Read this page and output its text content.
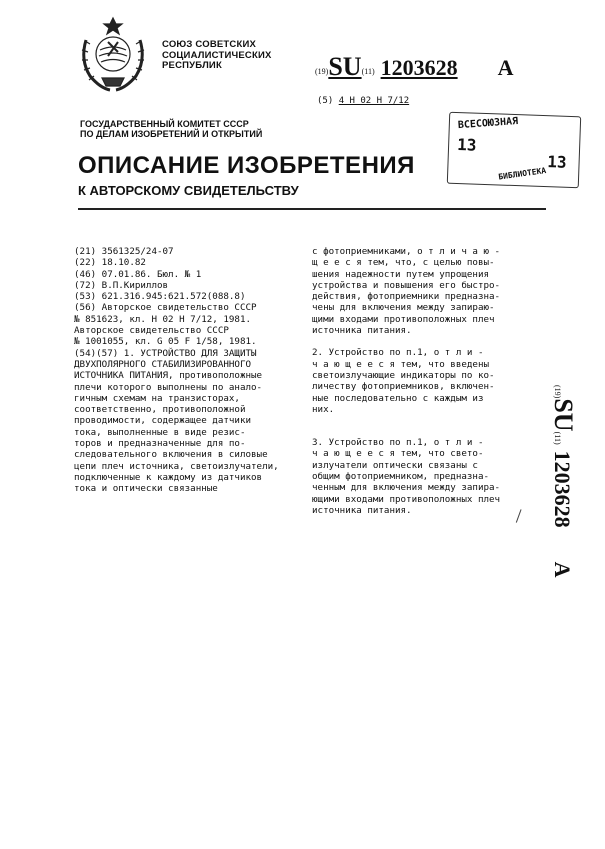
СОЮЗ СОВЕТСКИХ
СОЦИАЛИСТИЧЕСКИХ
РЕСПУБЛИК
(19)SU(11) 1203628 A
(5) 4 Н 02 Н 7/12
ГОСУДАРСТВЕННЫЙ КОМИТЕТ СССР
ПО ДЕЛАМ ИЗОБРЕТЕНИЙ И ОТКРЫТИЙ
ВСЕСОЮЗНАЯ
13
13
БИБЛИОТЕКА
ОПИСАНИЕ ИЗОБРЕТЕНИЯ
К АВТОРСКОМУ СВИДЕТЕЛЬСТВУ
(21) 3561325/24-07
(22) 18.10.82
(46) 07.01.86. Бюл. № 1
(72) В.П.Кириллов
(53) 621.316.945:621.572(088.8)
(56) Авторское свидетельство СССР
№ 851623, кл. Н 02 Н 7/12, 1981.
Авторское свидетельство СССР
№ 1001055, кл. G 05 F 1/58, 1981.
(54)(57) 1. УСТРОЙСТВО ДЛЯ ЗАЩИТЫ
ДВУХПОЛЯРНОГО СТАБИЛИЗИРОВАННОГО
ИСТОЧНИКА ПИТАНИЯ, противоположные
плечи которого выполнены по анало-
гичным схемам на транзисторах,
соответственно, противоположной
проводимости, содержащее датчики
тока, выполненные в виде резис-
торов и предназначенные для по-
следовательного включения в силовые
цепи плеч источника, светоизлучатели,
подключенные к каждому из датчиков
тока и оптически связанные
с фотоприемниками, о т л и ч а ю -
щ е е с я тем, что, с целью повы-
шения надежности путем упрощения
устройства и повышения его быстро-
действия, фотоприемники предназна-
чены для включения между запираю-
щими входами противоположных плеч
источника питания.
2. Устройство по п.1, о т л и -
ч а ю щ е е с я тем, что введены
светоизлучающие индикаторы по ко-
личеству фотоприемников, включен-
ные последовательно с каждым из
них.
3. Устройство по п.1, о т л и -
ч а ю щ е е с я тем, что свето-
излучатели оптически связаны с
общим фотоприемником, предназна-
ченным для включения между запира-
ющими входами противоположных плеч
источника питания.
(19)SU(11)1203628A
